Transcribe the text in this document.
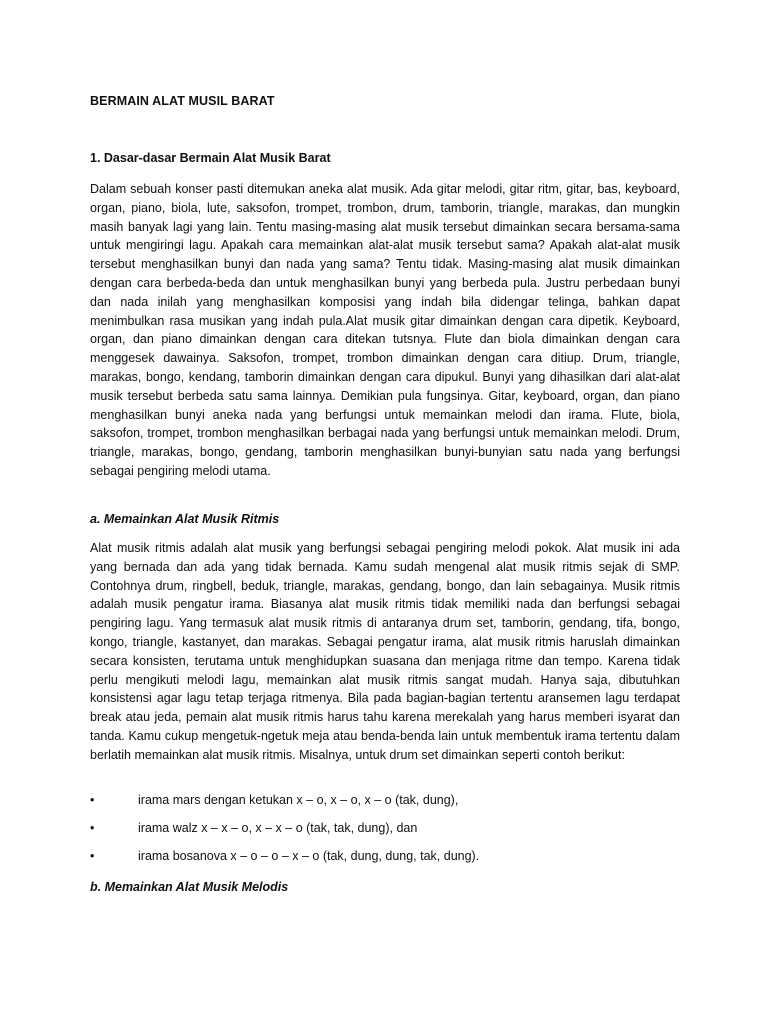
BERMAIN ALAT MUSIL BARAT
1. Dasar-dasar Bermain Alat Musik Barat

Dalam sebuah konser pasti ditemukan aneka alat musik. Ada gitar melodi, gitar ritm, gitar, bas, keyboard, organ, piano, biola, lute, saksofon, trompet, trombon, drum, tamborin, triangle, marakas, dan mungkin masih banyak lagi yang lain. Tentu masing-masing alat musik tersebut dimainkan secara bersama-sama untuk mengiringi lagu. Apakah cara memainkan alat-alat musik tersebut sama? Apakah alat-alat musik tersebut menghasilkan bunyi dan nada yang sama? Tentu tidak. Masing-masing alat musik dimainkan dengan cara berbeda-beda dan untuk menghasilkan bunyi yang berbeda pula. Justru perbedaan bunyi dan nada inilah yang menghasilkan komposisi yang indah bila didengar telinga, bahkan dapat menimbulkan rasa musikan yang indah pula.Alat musik gitar dimainkan dengan cara dipetik. Keyboard, organ, dan piano dimainkan dengan cara ditekan tutsnya. Flute dan biola dimainkan dengan cara menggesek dawainya. Saksofon, trompet, trombon dimainkan dengan cara ditiup. Drum, triangle, marakas, bongo, kendang, tamborin dimainkan dengan cara dipukul. Bunyi yang dihasilkan dari alat-alat musik tersebut berbeda satu sama lainnya. Demikian pula fungsinya. Gitar, keyboard, organ, dan piano menghasilkan bunyi aneka nada yang berfungsi untuk memainkan melodi dan irama. Flute, biola, saksofon, trompet, trombon menghasilkan berbagai nada yang berfungsi untuk memainkan melodi. Drum, triangle, marakas, bongo, gendang, tamborin menghasilkan bunyi-bunyian satu nada yang berfungsi sebagai pengiring melodi utama.

a. Memainkan Alat Musik Ritmis

Alat musik ritmis adalah alat musik yang berfungsi sebagai pengiring melodi pokok. Alat musik ini ada yang bernada dan ada yang tidak bernada. Kamu sudah mengenal alat musik ritmis sejak di SMP. Contohnya drum, ringbell, beduk, triangle, marakas, gendang, bongo, dan lain sebagainya. Musik ritmis adalah musik pengatur irama. Biasanya alat musik ritmis tidak memiliki nada dan berfungsi sebagai pengiring lagu. Yang termasuk alat musik ritmis di antaranya drum set, tamborin, gendang, tifa, bongo, kongo, triangle, kastanyet, dan marakas. Sebagai pengatur irama, alat musik ritmis haruslah dimainkan secara konsisten, terutama untuk menghidupkan suasana dan menjaga ritme dan tempo. Karena tidak perlu mengikuti melodi lagu, memainkan alat musik ritmis sangat mudah. Hanya saja, dibutuhkan konsistensi agar lagu tetap terjaga ritmenya. Bila pada bagian-bagian tertentu aransemen lagu terdapat break atau jeda, pemain alat musik ritmis harus tahu karena merekalah yang harus memberi isyarat dan tanda. Kamu cukup mengetuk-ngetuk meja atau benda-benda lain untuk membentuk irama tertentu dalam berlatih memainkan alat musik ritmis. Misalnya, untuk drum set dimainkan seperti contoh berikut:

•	irama mars dengan ketukan x – o, x – o, x – o (tak, dung),
•	irama walz x – x – o, x – x – o (tak, tak, dung), dan
•	irama bosanova x – o – o – x – o (tak, dung, dung, tak, dung).
b. Memainkan Alat Musik Melodis
